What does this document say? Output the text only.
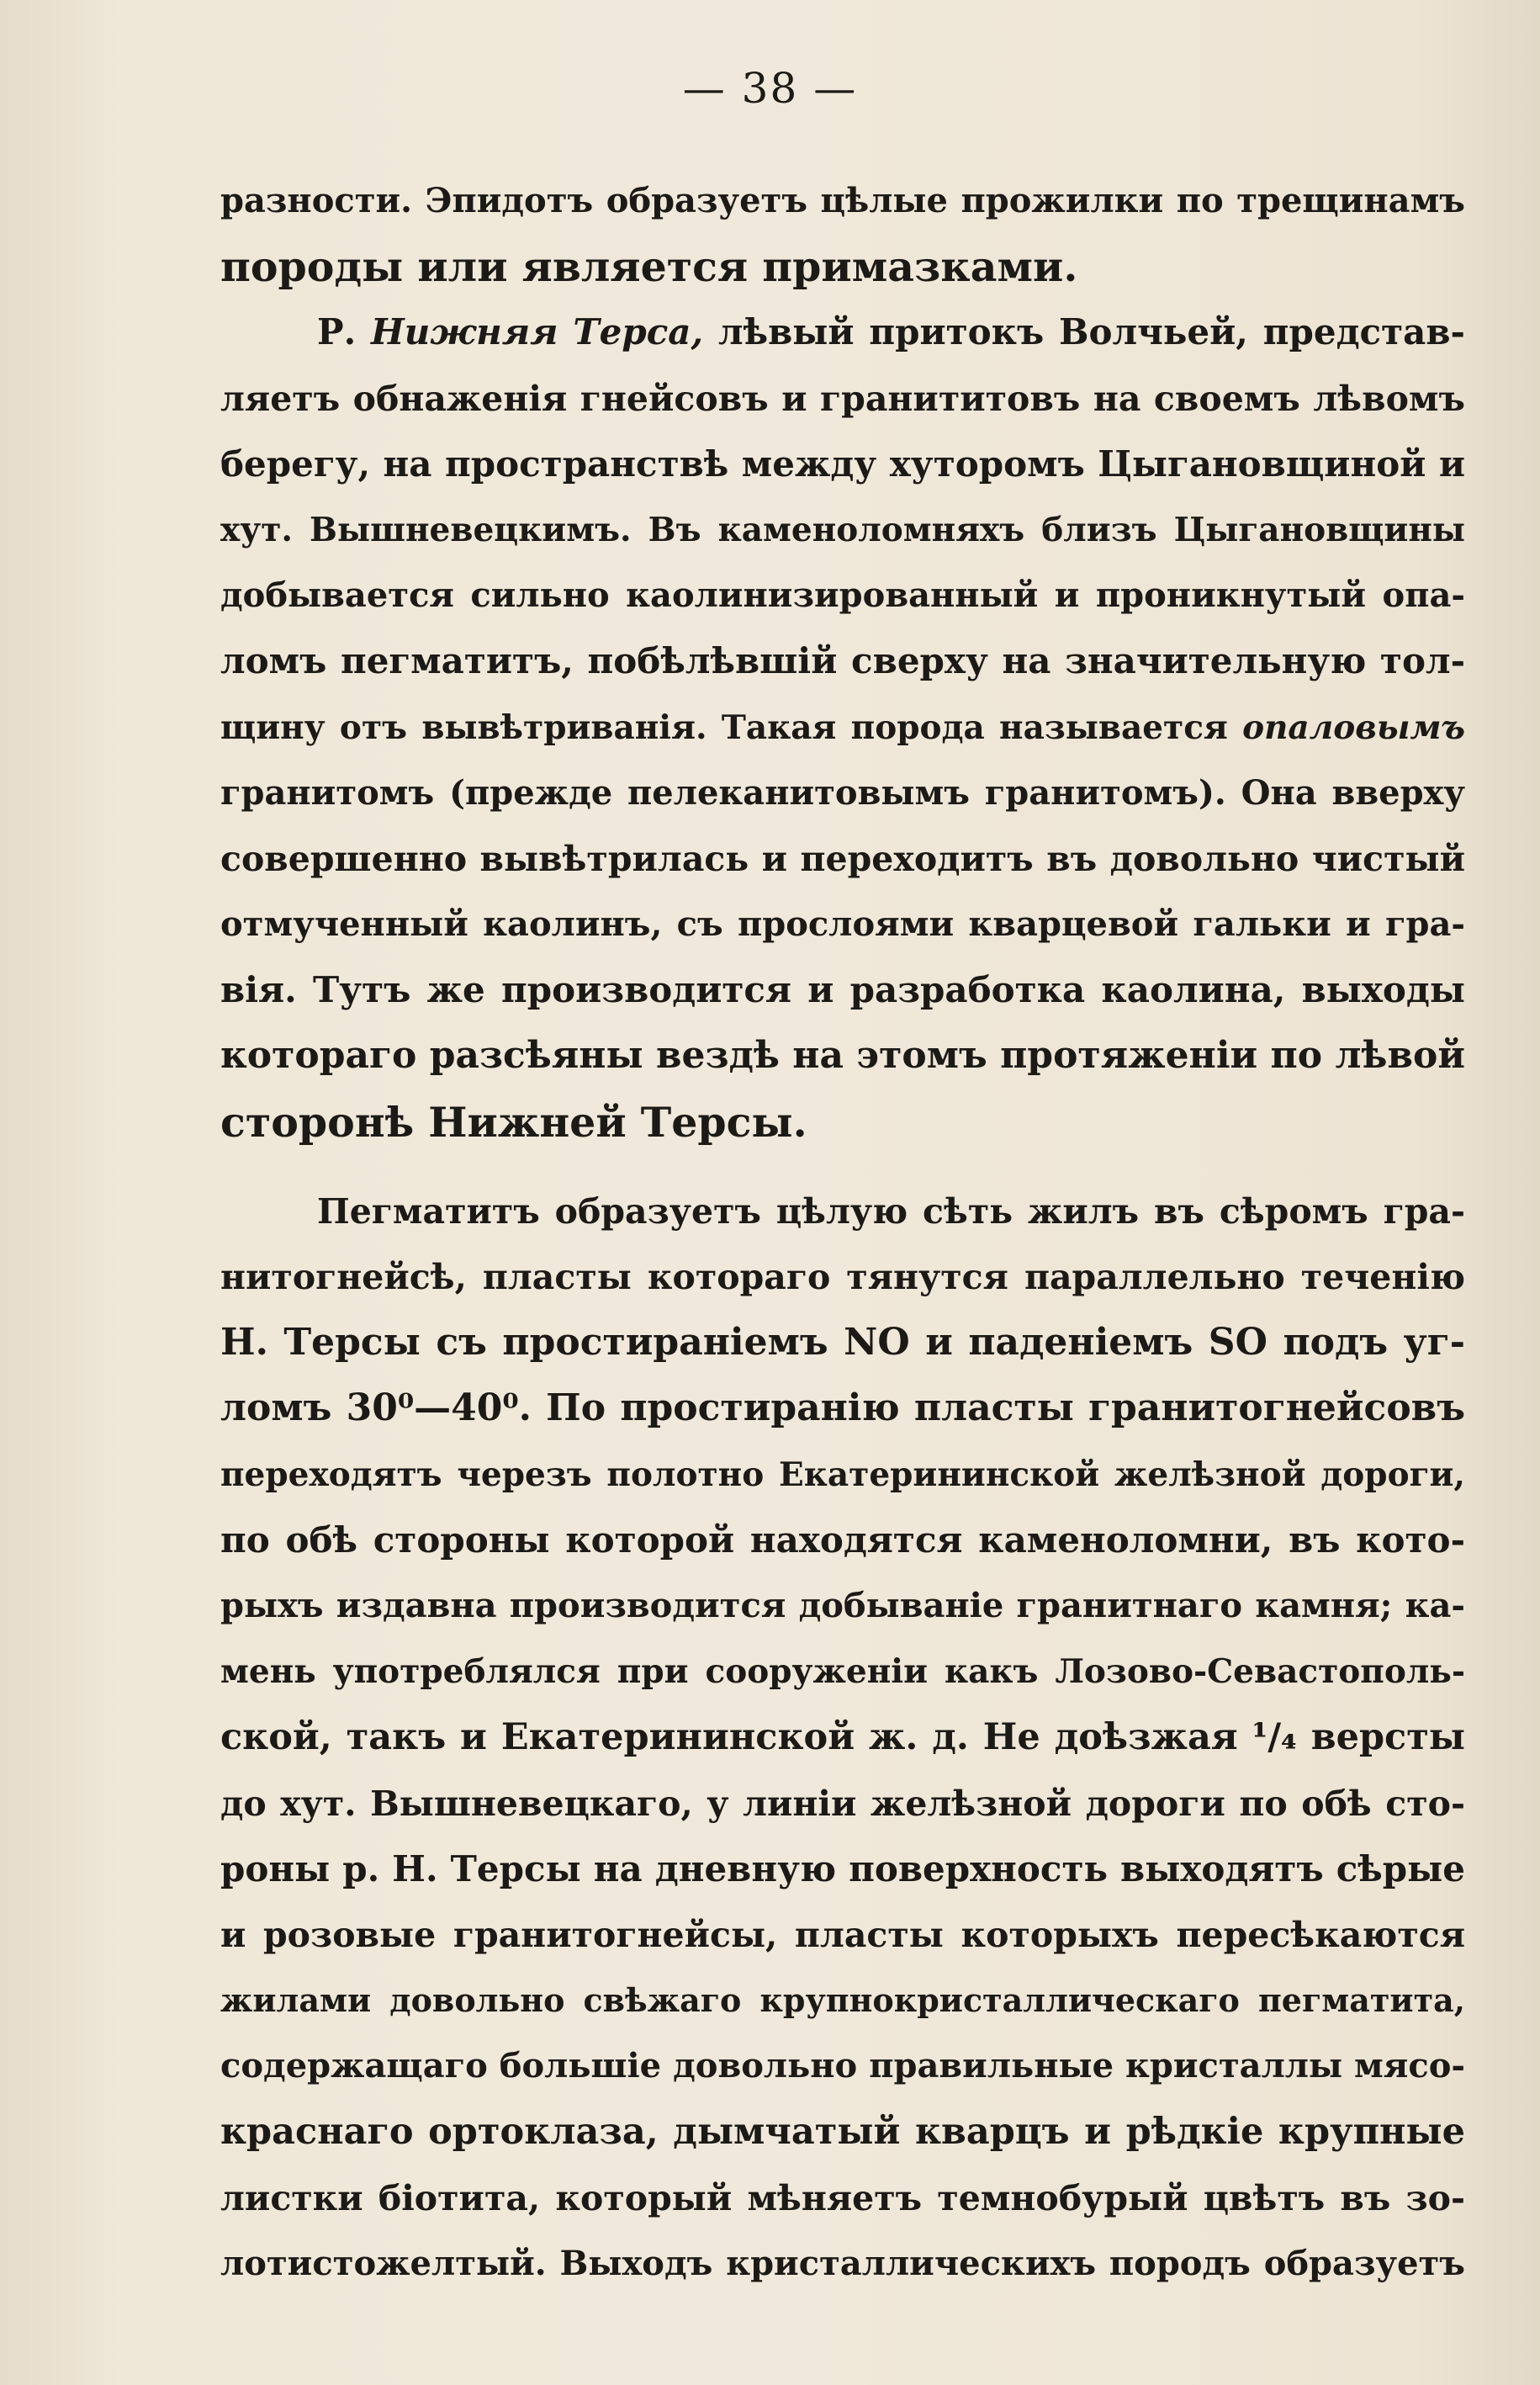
— 38 —
разности. Эпидотъ образуетъ цѣлые прожилки по трещинамъ
породы или является примазками.
Р. Нижняя Терса, лѣвый притокъ Волчьей, представ-
ляетъ обнаженія гнейсовъ и гранититовъ на своемъ лѣвомъ
берегу, на пространствѣ между хуторомъ Цыгановщиной и
хут. Вышневецкимъ. Въ каменоломняхъ близъ Цыгановщины
добывается сильно каолинизированный и проникнутый опа-
ломъ пегматитъ, побѣлѣвшій сверху на значительную тол-
щину отъ вывѣтриванія. Такая порода называется опаловымъ
гранитомъ (прежде пелеканитовымъ гранитомъ). Она вверху
совершенно вывѣтрилась и переходитъ въ довольно чистый
отмученный каолинъ, съ прослоями кварцевой гальки и гра-
вія. Тутъ же производится и разработка каолина, выходы
котораго разсѣяны вездѣ на этомъ протяженіи по лѣвой
сторонѣ Нижней Терсы.
Пегматитъ образуетъ цѣлую сѣть жилъ въ сѣромъ гра-
нитогнейсѣ, пласты котораго тянутся параллельно теченію
Н. Терсы съ простираніемъ NO и паденіемъ SO подъ уг-
ломъ 30⁰—40⁰. По простиранію пласты гранитогнейсовъ
переходятъ черезъ полотно Екатерининской желѣзной дороги,
по обѣ стороны которой находятся каменоломни, въ кото-
рыхъ издавна производится добываніе гранитнаго камня; ка-
мень употреблялся при сооруженіи какъ Лозово-Севастополь-
ской, такъ и Екатерининской ж. д. Не доѣзжая ¹/₄ версты
до хут. Вышневецкаго, у линіи желѣзной дороги по обѣ сто-
роны р. Н. Терсы на дневную поверхность выходятъ сѣрые
и розовые гранитогнейсы, пласты которыхъ пересѣкаются
жилами довольно свѣжаго крупнокристаллическаго пегматита,
содержащаго большіе довольно правильные кристаллы мясо-
краснаго ортоклаза, дымчатый кварцъ и рѣдкіе крупные
листки біотита, который мѣняетъ темнобурый цвѣтъ въ зо-
лотистожелтый. Выходъ кристаллическихъ породъ образуетъ
